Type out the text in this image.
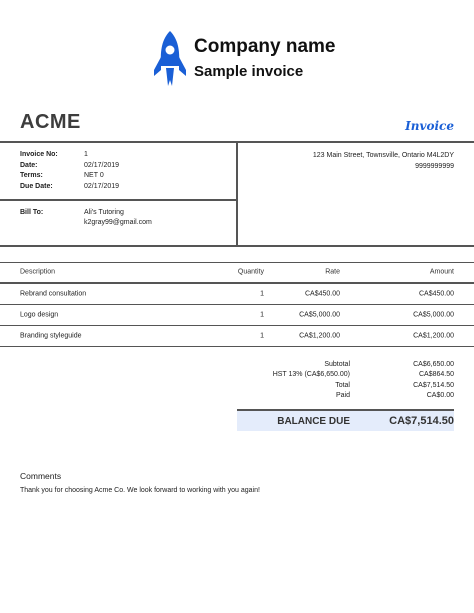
Company name
Sample invoice
ACME	Invoice
Invoice No:	1
Date:	02/17/2019
Terms:	NET 0
Due Date:	02/17/2019
Bill To:	Ali's Tutoring
k2gray99@gmail.com
123 Main Street, Townsville, Ontario M4L2DY
9999999999
Description	Quantity	Rate	Amount
Rebrand consultation	1	CA$450.00	CA$450.00
Logo design	1	CA$5,000.00	CA$5,000.00
Branding styleguide	1	CA$1,200.00	CA$1,200.00
Subtotal	CA$6,650.00
HST 13% (CA$6,650.00)	CA$864.50
Total	CA$7,514.50
Paid	CA$0.00
BALANCE DUE	CA$7,514.50
Comments
Thank you for choosing Acme Co. We look forward to working with you again!
